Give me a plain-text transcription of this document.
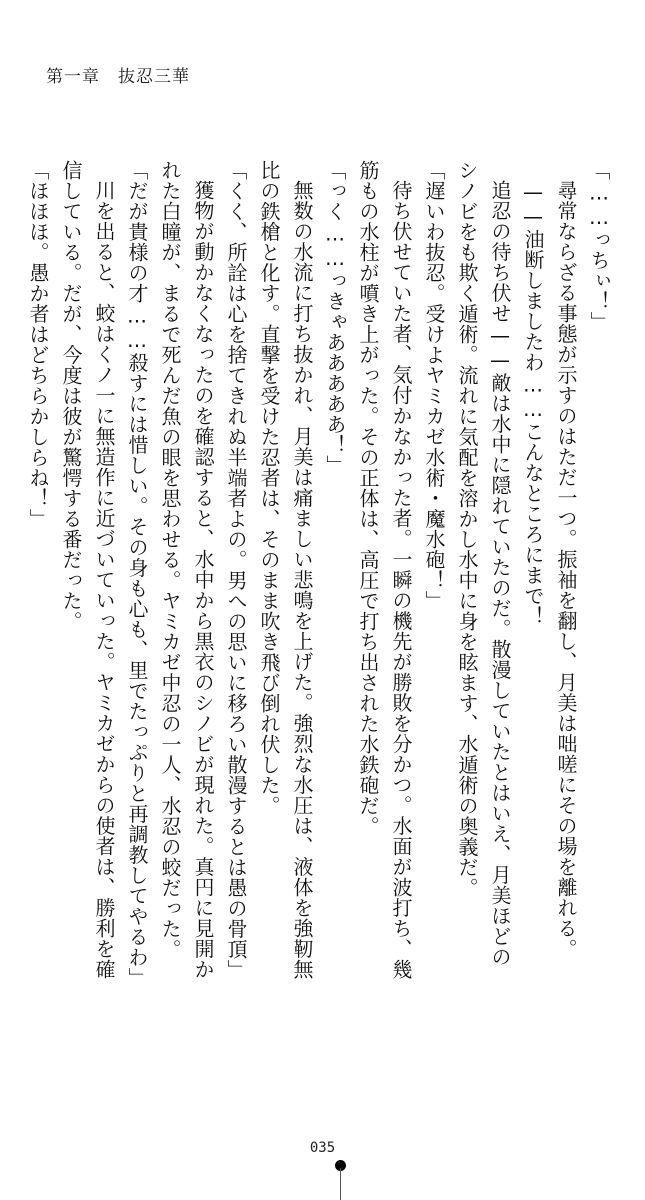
第一章　抜忍三華

「……っちぃ！」

尋常ならざる事態が示すのはただ一つ。振袖を翻し、月美は咄嗟にその場を離れる。

——油断しましたわ……こんなところにまで！

追忍の待ち伏せ——敵は水中に隠れていたのだ。散漫していたとはいえ、月美ほどのシノビをも欺く遁術。流れに気配を溶かし水中に身を眩ます、水遁術の奥義だ。

「遅いわ抜忍。受けよヤミカゼ水術・魔水砲！」

待ち伏せていた者、気付かなかった者。一瞬の機先が勝敗を分かつ。水面が波打ち、幾筋もの水柱が噴き上がった。その正体は、高圧で打ち出された水鉄砲だ。

「っく……っきゃあああああ！」

無数の水流に打ち抜かれ、月美は痛ましい悲鳴を上げた。強烈な水圧は、液体を強靭無比の鉄槍と化す。直撃を受けた忍者は、そのまま吹き飛び倒れ伏した。

「くく、所詮は心を捨てきれぬ半端者よの。男への思いに移ろい散漫するとは愚の骨頂」

獲物が動かなくなったのを確認すると、水中から黒衣のシノビが現れた。真円に見開かれた白瞳が、まるで死んだ魚の眼を思わせる。ヤミカゼ中忍の一人、水忍の蛟だった。

「だが貴様の才……殺すには惜しい。その身も心も、里でたっぷりと再調教してやるわ」

川を出ると、蛟はくノ一に無造作に近づいていった。ヤミカゼからの使者は、勝利を確信している。だが、今度は彼が驚愕する番だった。

「ほほほ。愚か者はどちらかしらね！」

035
